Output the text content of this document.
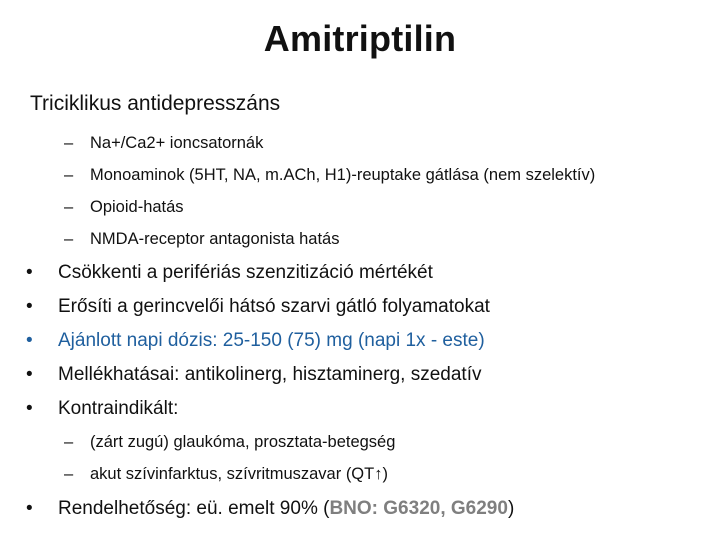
Amitriptilin
Triciklikus antidepresszáns
– Na+/Ca2+ ioncsatornák
– Monoaminok (5HT, NA, m.ACh, H1)-reuptake gátlása (nem szelektív)
– Opioid-hatás
– NMDA-receptor antagonista hatás
• Csökkenti a perifériás szenzitizáció mértékét
• Erősíti a gerincvelői hátsó szarvi gátló folyamatokat
• Ajánlott napi dózis: 25-150 (75) mg (napi 1x - este)
• Mellékhatásai: antikolinerg, hisztaminerg, szedatív
• Kontraindikált:
– (zárt zugú) glaukóma, prosztata-betegség
– akut szívinfarktus, szívritmuszavar (QT↑)
• Rendelhetőség: eü. emelt 90% (BNO: G6320, G6290)
